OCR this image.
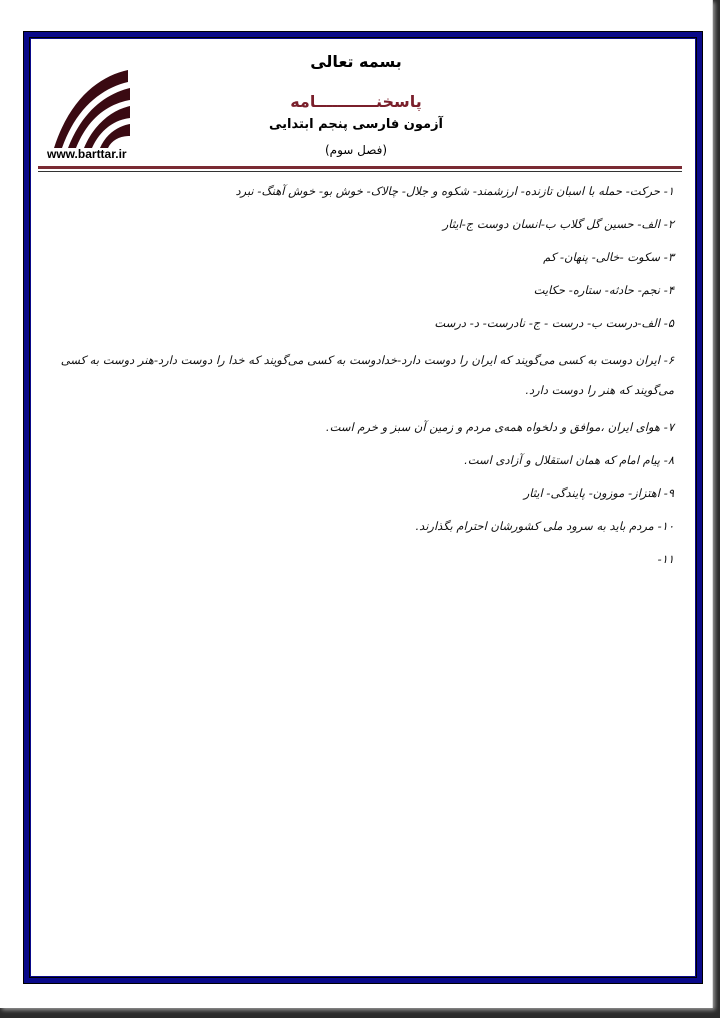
www.barttar.ir
بسمه تعالی
پاسخنـــــــــــامه
آزمون فارسی پنجم ابتدایی
(فصل سوم)
۱- حرکت- حمله با اسبان تازنده- ارزشمند- شکوه و جلال- چالاک- خوش بو- خوش آهنگ- نبرد
۲- الف- حسین گل گلاب ب-انسان دوست ج-ایثار
۳- سکوت -خالی- پنهان- کم
۴- نجم- حادثه- ستاره- حکایت
۵- الف-درست ب- درست - ج- نادرست- د- درست
۶- ایران دوست به کسی می‌گویند که ایران را دوست دارد-خدادوست به کسی می‌گویند که خدا را دوست دارد-هنر دوست به کسی می‌گویند که هنر را دوست دارد.
۷- هوای ایران ،موافق و دلخواه همه‌ی مردم و زمین آن سبز و خرم است.
۸- پیام امام که همان استقلال و آزادی است.
۹- اهتزاز- موزون- پایندگی- ایثار
۱۰- مردم باید به سرود ملی کشورشان احترام بگذارند.
۱۱-
